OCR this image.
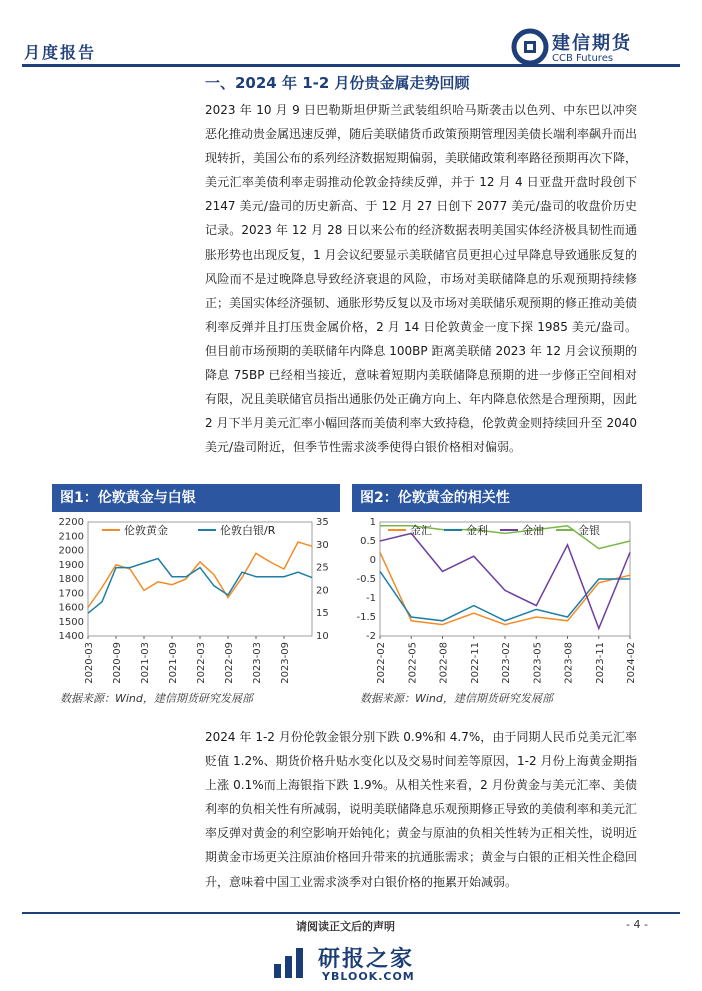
月度报告	建信期货
CCB Futures
一、2024 年 1-2 月份贵金属走势回顾

2023 年 10 月 9 日巴勒斯坦伊斯兰武装组织哈马斯袭击以色列、中东巴以冲突恶化推动贵金属迅速反弹，随后美联储货币政策预期管理因美债长端利率飙升而出现转折，美国公布的系列经济数据短期偏弱，美联储政策利率路径预期再次下降，美元汇率美债利率走弱推动伦敦金持续反弹，并于 12 月 4 日亚盘开盘时段创下 2147 美元/盎司的历史新高、于 12 月 27 日创下 2077 美元/盎司的收盘价历史记录。2023 年 12 月 28 日以来公布的经济数据表明美国实体经济极具韧性而通胀形势也出现反复，1 月会议纪要显示美联储官员更担心过早降息导致通胀反复的风险而不是过晚降息导致经济衰退的风险，市场对美联储降息的乐观预期持续修正；美国实体经济强韧、通胀形势反复以及市场对美联储乐观预期的修正推动美债利率反弹并且打压贵金属价格，2 月 14 日伦敦黄金一度下探 1985 美元/盎司。但目前市场预期的美联储年内降息 100BP 距离美联储 2023 年 12 月会议预期的降息 75BP 已经相当接近，意味着短期内美联储降息预期的进一步修正空间相对有限，况且美联储官员指出通胀仍处正确方向上、年内降息依然是合理预期，因此 2 月下半月美元汇率小幅回落而美债利率大致持稳，伦敦黄金则持续回升至 2040 美元/盎司附近，但季节性需求淡季使得白银价格相对偏弱。

图1：伦敦黄金与白银	图2：伦敦黄金的相关性
1400
1500
1600
1700
1800
1900
2000
2100
2200
10
15
20
25
30
35
2020-03 2020-09 2021-03 2021-09 2022-03 2022-09 2023-03 2023-09
伦敦黄金	伦敦白银/R
-2
-1.5
-1
-0.5
0
0.5
1
2022-02 2022-05 2022-08 2022-11 2023-02 2023-05 2023-08 2023-11 2024-02
金汇	金利	金油	金银
数据来源：Wind，建信期货研究发展部	数据来源：Wind，建信期货研究发展部

2024 年 1-2 月份伦敦金银分别下跌 0.9%和 4.7%，由于同期人民币兑美元汇率贬值 1.2%、期货价格升贴水变化以及交易时间差等原因，1-2 月份上海黄金期指上涨 0.1%而上海银指下跌 1.9%。从相关性来看，2 月份黄金与美元汇率、美债利率的负相关性有所减弱，说明美联储降息乐观预期修正导致的美债利率和美元汇率反弹对黄金的利空影响开始钝化；黄金与原油的负相关性转为正相关性，说明近期黄金市场更关注原油价格回升带来的抗通胀需求；黄金与白银的正相关性企稳回升，意味着中国工业需求淡季对白银价格的拖累开始减弱。

请阅读正文后的声明	- 4 -
研报之家
YBLOOK.COM
